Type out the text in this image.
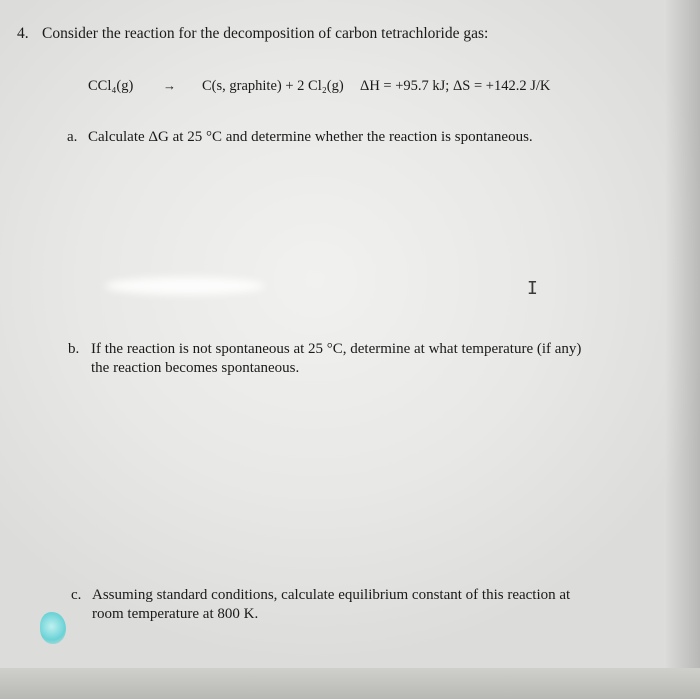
4. Consider the reaction for the decomposition of carbon tetrachloride gas:
CCl₄(g) → C(s, graphite) + 2 Cl₂(g) ΔH = +95.7 kJ; ΔS = +142.2 J/K
a. Calculate ΔG at 25 °C and determine whether the reaction is spontaneous.
I
b. If the reaction is not spontaneous at 25 °C, determine at what temperature (if any)
the reaction becomes spontaneous.
c. Assuming standard conditions, calculate equilibrium constant of this reaction at
room temperature at 800 K.
